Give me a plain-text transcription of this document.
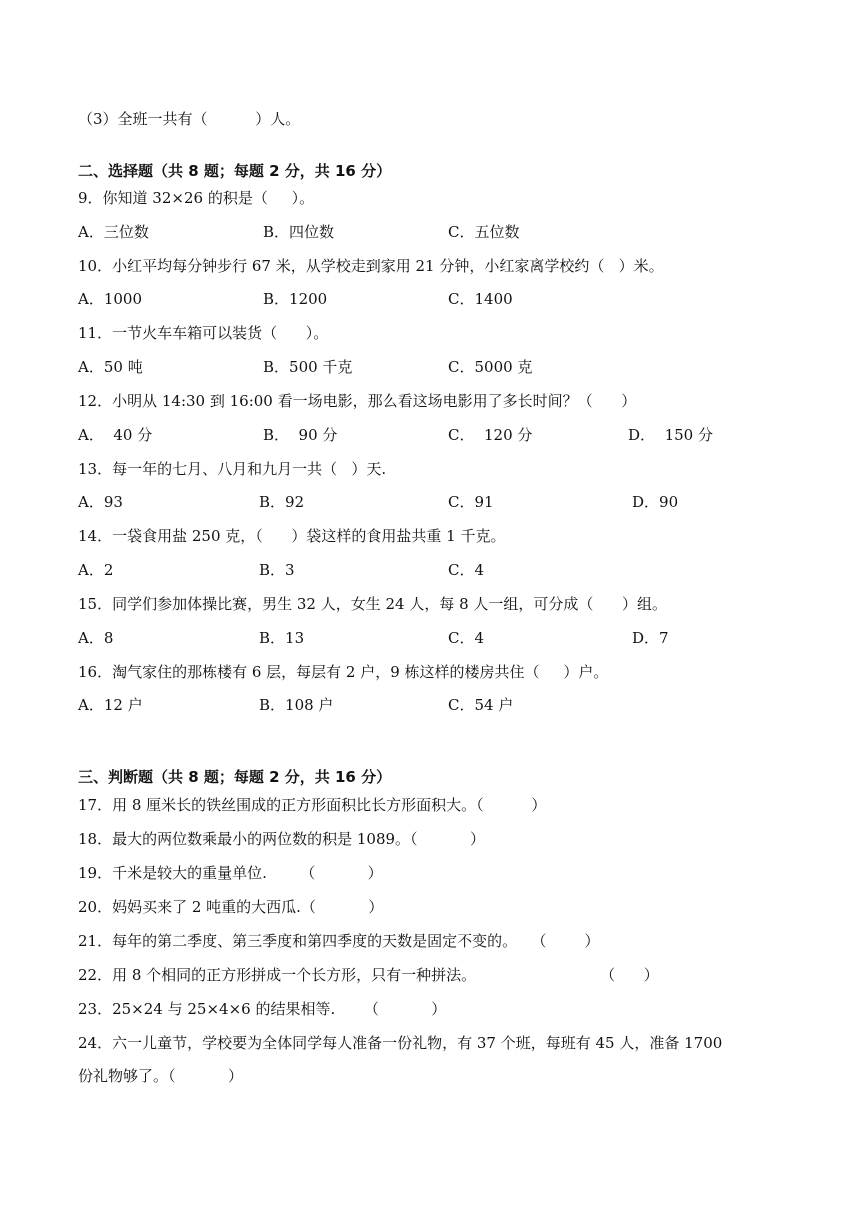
（3）全班一共有（          ）人。
二、选择题（共 8 题；每题 2 分，共 16 分）
9．你知道 32×26 的积是（     ）。
A．三位数	B．四位数	C．五位数
10．小红平均每分钟步行 67 米，从学校走到家用 21 分钟，小红家离学校约（   ）米。
A．1000	B．1200	C．1400
11．一节火车车箱可以装货（      ）。
A．50 吨	B．500 千克	C．5000 克
12．小明从 14:30 到 16:00 看一场电影，那么看这场电影用了多长时间？（      ）
A．  40 分	B．  90 分	C．  120 分	D．  150 分
13．每一年的七月、八月和九月一共（   ）天.
A．93	B．92	C．91	D．90
14．一袋食用盐 250 克，（      ）袋这样的食用盐共重 1 千克。
A．2	B．3	C．4
15．同学们参加体操比赛，男生 32 人，女生 24 人，每 8 人一组，可分成（      ）组。
A．8	B．13	C．4	D．7
16．淘气家住的那栋楼有 6 层，每层有 2 户，9 栋这样的楼房共住（     ）户。
A．12 户	B．108 户	C．54 户
三、判断题（共 8 题；每题 2 分，共 16 分）
17．用 8 厘米长的铁丝围成的正方形面积比长方形面积大。（          ）
18．最大的两位数乘最小的两位数的积是 1089。（           ）
19．千米是较大的重量单位.       （           ）
20．妈妈买来了 2 吨重的大西瓜.（           ）
21．每年的第二季度、第三季度和第四季度的天数是固定不变的。   （        ）
22．用 8 个相同的正方形拼成一个长方形，只有一种拼法。                          （      ）
23．25×24 与 25×4×6 的结果相等.      （           ）
24．六一儿童节，学校要为全体同学每人准备一份礼物，有 37 个班，每班有 45 人，准备 1700
份礼物够了。（           ）
